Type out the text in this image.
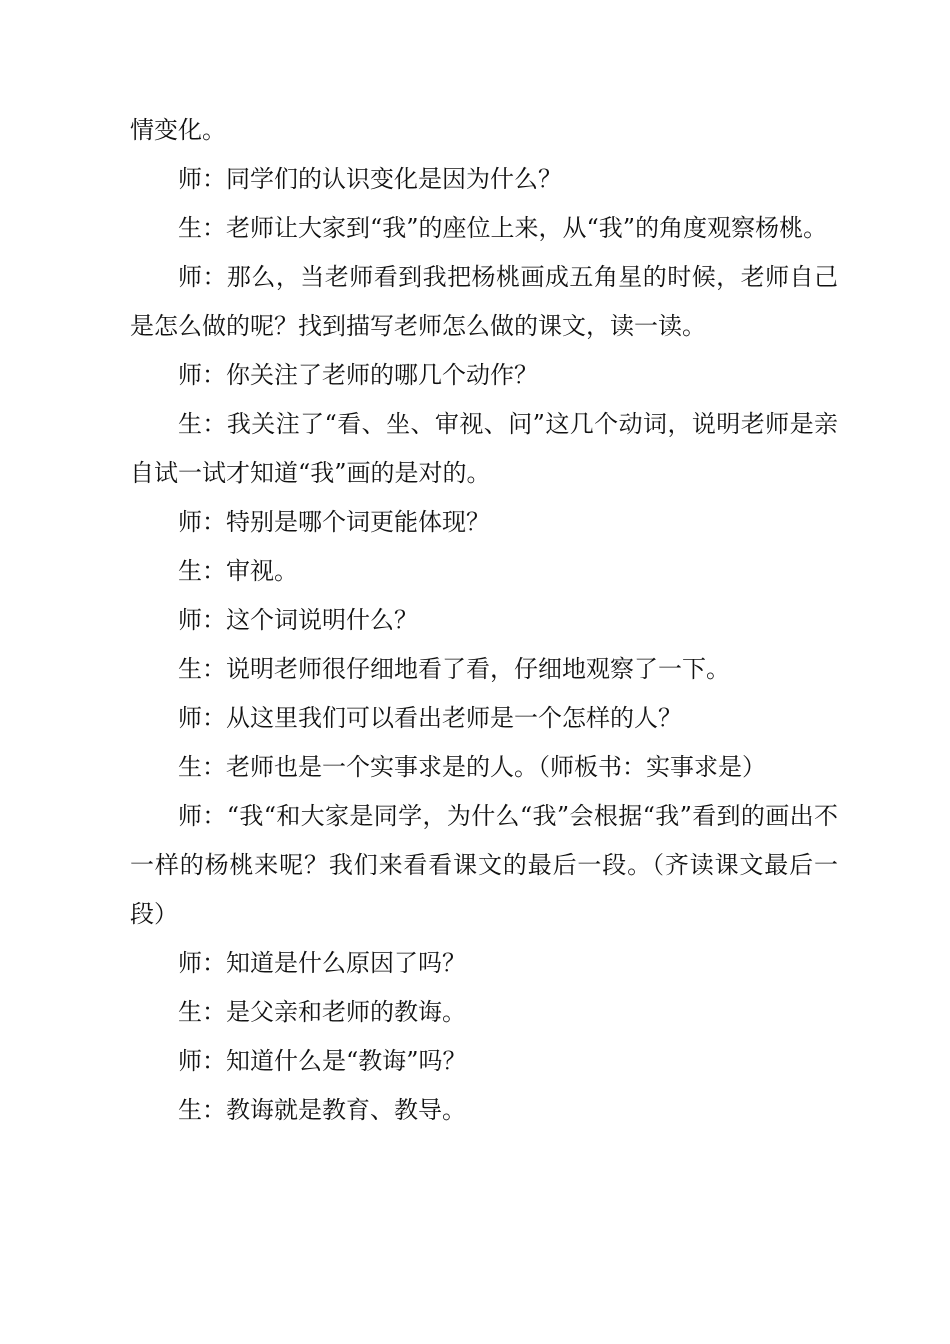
情变化。

师：同学们的认识变化是因为什么？

生：老师让大家到“我”的座位上来，从“我”的角度观察杨桃。

师：那么，当老师看到我把杨桃画成五角星的时候，老师自己是怎么做的呢？找到描写老师怎么做的课文，读一读。

师：你关注了老师的哪几个动作？

生：我关注了“看、坐、审视、问”这几个动词，说明老师是亲自试一试才知道“我”画的是对的。

师：特别是哪个词更能体现？

生：审视。

师：这个词说明什么？

生：说明老师很仔细地看了看，仔细地观察了一下。

师：从这里我们可以看出老师是一个怎样的人？

生：老师也是一个实事求是的人。（师板书：实事求是）

师：“我“和大家是同学，为什么“我”会根据“我”看到的画出不一样的杨桃来呢？我们来看看课文的最后一段。（齐读课文最后一段）

师：知道是什么原因了吗？

生：是父亲和老师的教诲。

师：知道什么是“教诲”吗？

生：教诲就是教育、教导。
